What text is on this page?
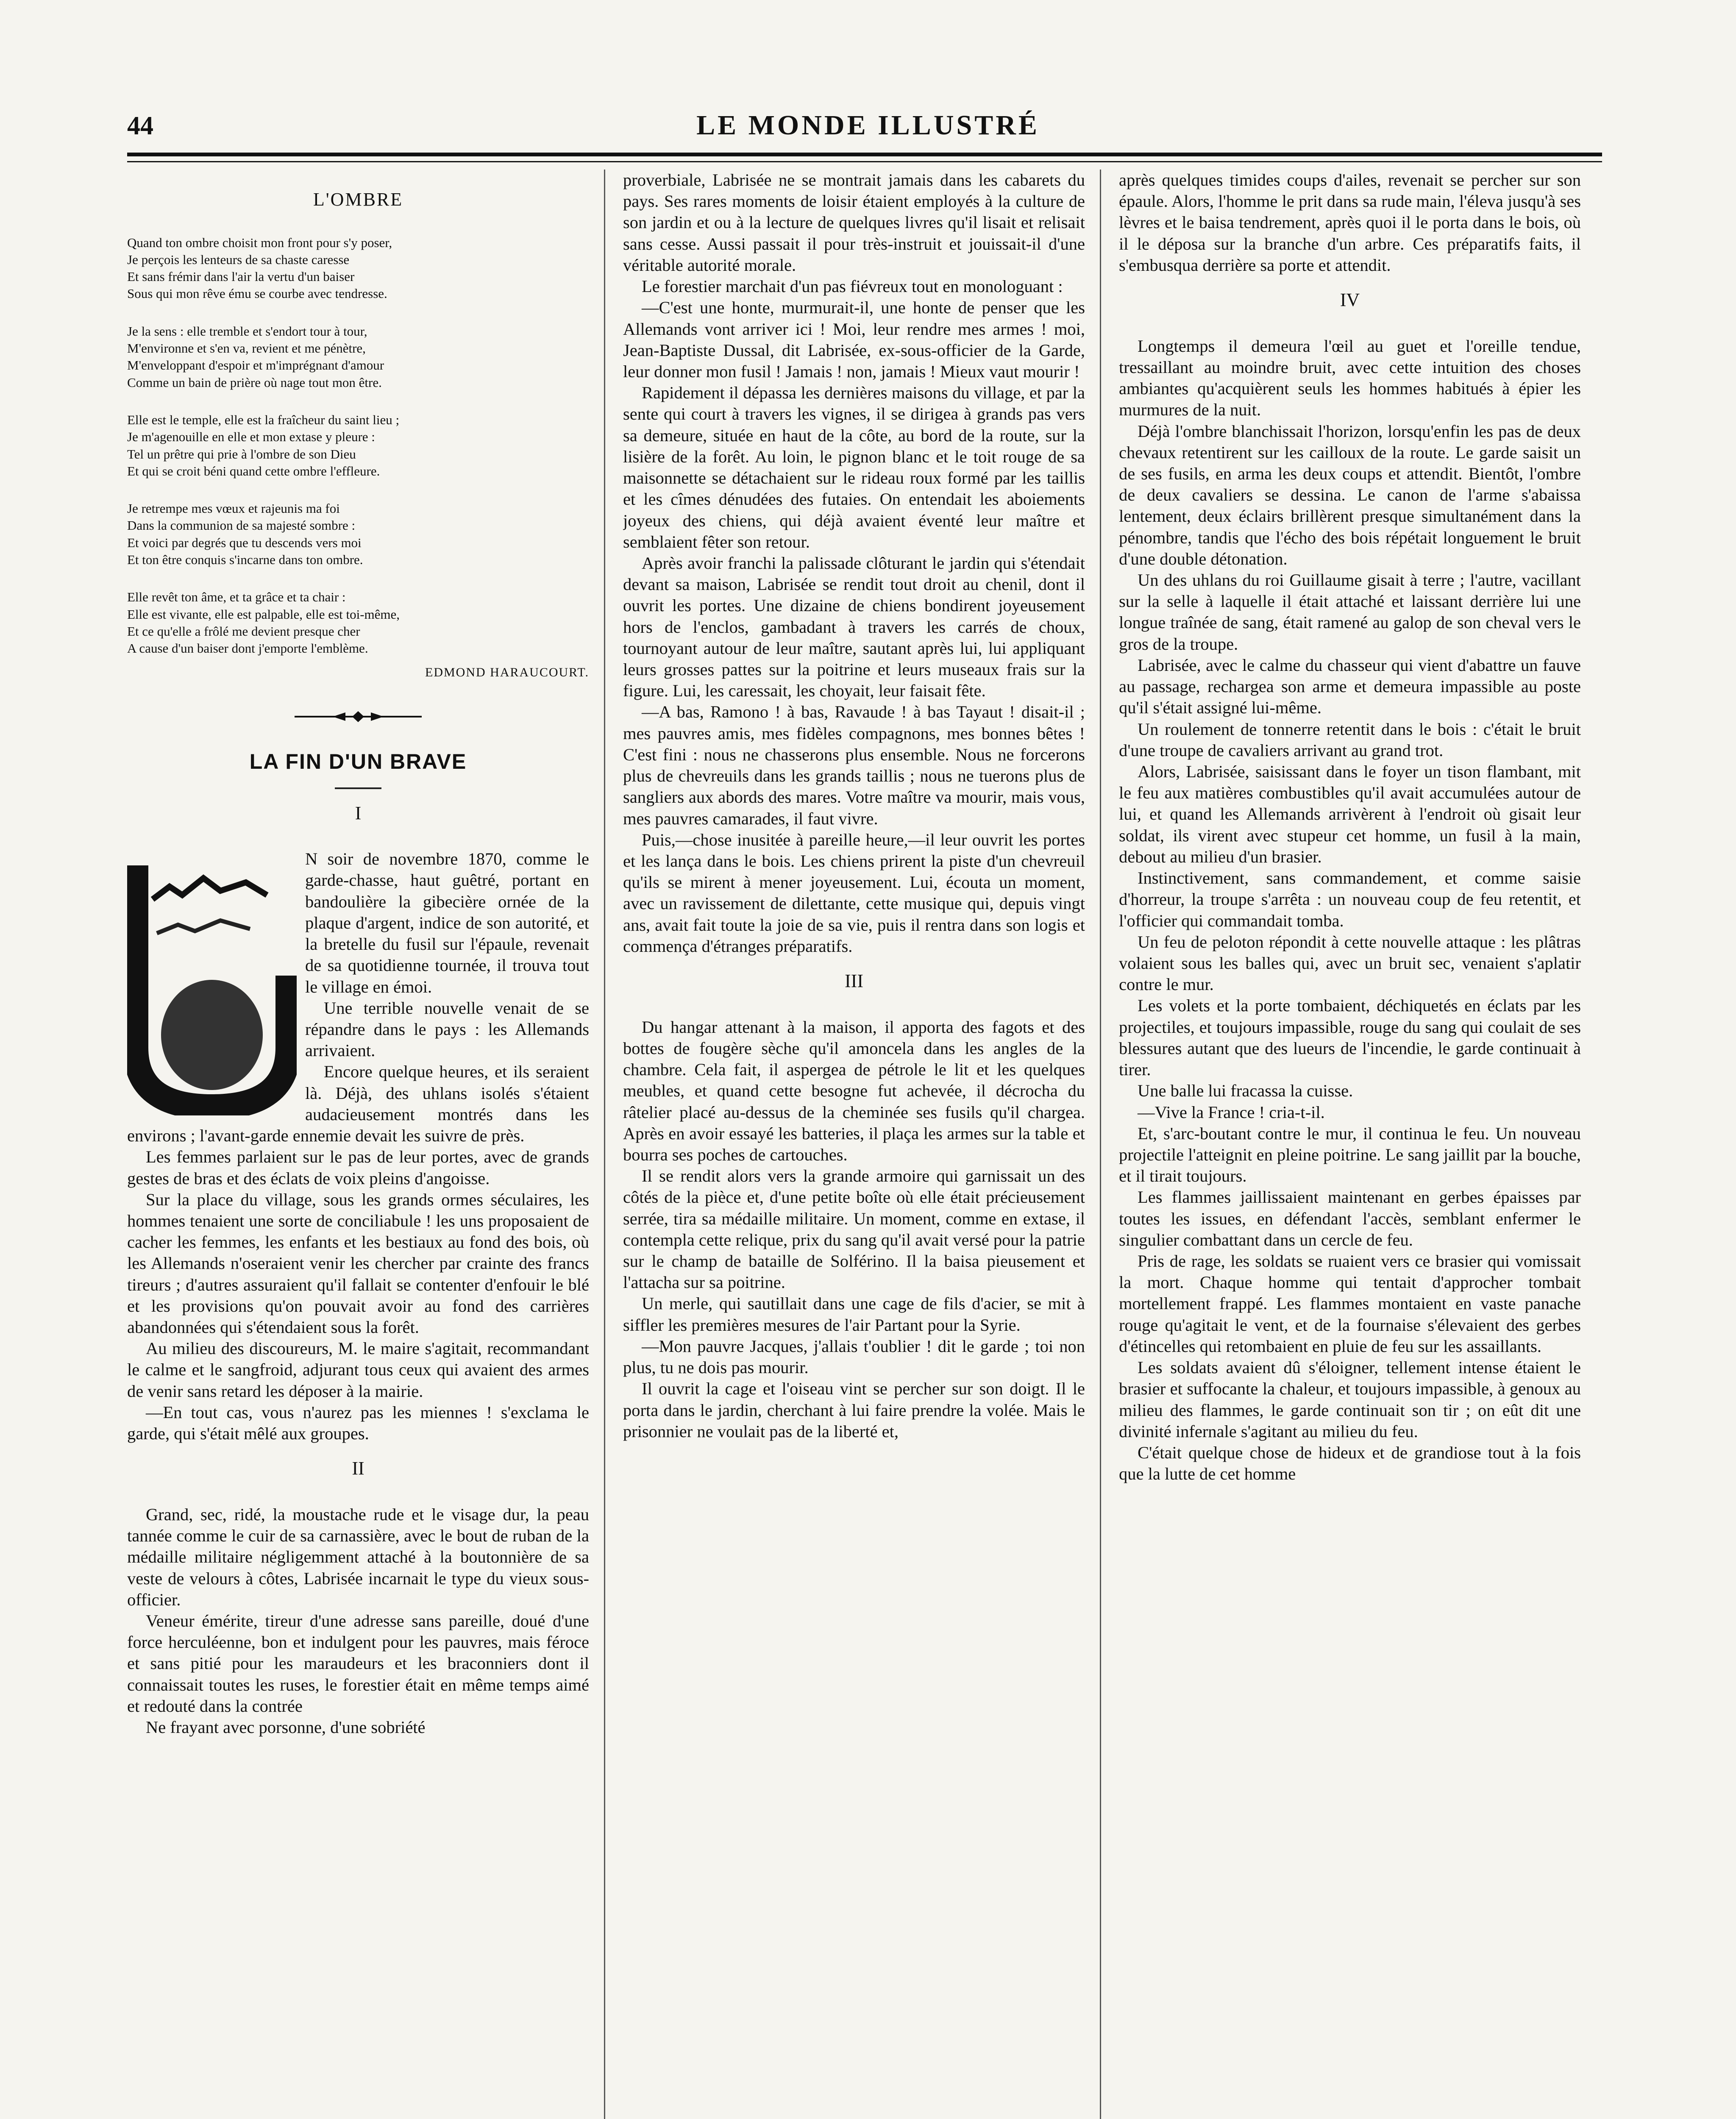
44	LE MONDE ILLUSTRÉ
L'OMBRE
Quand ton ombre choisit mon front pour s'y poser,
Je perçois les lenteurs de sa chaste caresse
Et sans frémir dans l'air la vertu d'un baiser
Sous qui mon rêve ému se courbe avec tendresse.
Je la sens : elle tremble et s'endort tour à tour,
M'environne et s'en va, revient et me pénètre,
M'enveloppant d'espoir et m'imprégnant d'amour
Comme un bain de prière où nage tout mon être.
Elle est le temple, elle est la fraîcheur du saint lieu ;
Je m'agenouille en elle et mon extase y pleure :
Tel un prêtre qui prie à l'ombre de son Dieu
Et qui se croit béni quand cette ombre l'effleure.
Je retrempe mes vœux et rajeunis ma foi
Dans la communion de sa majesté sombre :
Et voici par degrés que tu descends vers moi
Et ton être conquis s'incarne dans ton ombre.
Elle revêt ton âme, et ta grâce et ta chair :
Elle est vivante, elle est palpable, elle est toi-même,
Et ce qu'elle a frôlé me devient presque cher
A cause d'un baiser dont j'emporte l'emblème.
EDMOND HARAUCOURT.
LA FIN D'UN BRAVE
I

N soir de novembre 1870, comme le garde-chasse, haut guêtré, portant en bandoulière la gibecière ornée de la plaque d'argent, indice de son autorité, et la bretelle du fusil sur l'épaule, revenait de sa quotidienne tournée, il trouva tout le village en émoi.

Une terrible nouvelle venait de se répandre dans le pays : les Allemands arrivaient.

Encore quelque heures, et ils seraient là. Déjà, des uhlans isolés s'étaient audacieusement montrés dans les environs ; l'avant-garde ennemie devait les suivre de près.

Les femmes parlaient sur le pas de leur portes, avec de grands gestes de bras et des éclats de voix pleins d'angoisse.

Sur la place du village, sous les grands ormes séculaires, les hommes tenaient une sorte de conciliabule ! les uns proposaient de cacher les femmes, les enfants et les bestiaux au fond des bois, où les Allemands n'oseraient venir les chercher par crainte des francs tireurs ; d'autres assuraient qu'il fallait se contenter d'enfouir le blé et les provisions qu'on pouvait avoir au fond des carrières abandonnées qui s'étendaient sous la forêt.

Au milieu des discoureurs, M. le maire s'agitait, recommandant le calme et le sangfroid, adjurant tous ceux qui avaient des armes de venir sans retard les déposer à la mairie.

—En tout cas, vous n'aurez pas les miennes ! s'exclama le garde, qui s'était mêlé aux groupes.

II

Grand, sec, ridé, la moustache rude et le visage dur, la peau tannée comme le cuir de sa carnassière, avec le bout de ruban de la médaille militaire négligemment attaché à la boutonnière de sa veste de velours à côtes, Labrisée incarnait le type du vieux sous-officier.

Veneur émérite, tireur d'une adresse sans pareille, doué d'une force herculéenne, bon et indulgent pour les pauvres, mais féroce et sans pitié pour les maraudeurs et les braconniers dont il connaissait toutes les ruses, le forestier était en même temps aimé et redouté dans la contrée

Ne frayant avec porsonne, d'une sobriété

proverbiale, Labrisée ne se montrait jamais dans les cabarets du pays. Ses rares moments de loisir étaient employés à la culture de son jardin et ou à la lecture de quelques livres qu'il lisait et relisait sans cesse. Aussi passait il pour très-instruit et jouissait-il d'une véritable autorité morale.

Le forestier marchait d'un pas fiévreux tout en monologuant :

—C'est une honte, murmurait-il, une honte de penser que les Allemands vont arriver ici ! Moi, leur rendre mes armes ! moi, Jean-Baptiste Dussal, dit Labrisée, ex-sous-officier de la Garde, leur donner mon fusil ! Jamais ! non, jamais ! Mieux vaut mourir !

Rapidement il dépassa les dernières maisons du village, et par la sente qui court à travers les vignes, il se dirigea à grands pas vers sa demeure, située en haut de la côte, au bord de la route, sur la lisière de la forêt. Au loin, le pignon blanc et le toit rouge de sa maisonnette se détachaient sur le rideau roux formé par les taillis et les cîmes dénudées des futaies. On entendait les aboiements joyeux des chiens, qui déjà avaient éventé leur maître et semblaient fêter son retour.

Après avoir franchi la palissade clôturant le jardin qui s'étendait devant sa maison, Labrisée se rendit tout droit au chenil, dont il ouvrit les portes. Une dizaine de chiens bondirent joyeusement hors de l'enclos, gambadant à travers les carrés de choux, tournoyant autour de leur maître, sautant après lui, lui appliquant leurs grosses pattes sur la poitrine et leurs museaux frais sur la figure. Lui, les caressait, les choyait, leur faisait fête.

—A bas, Ramono ! à bas, Ravaude ! à bas Tayaut ! disait-il ; mes pauvres amis, mes fidèles compagnons, mes bonnes bêtes ! C'est fini : nous ne chasserons plus ensemble. Nous ne forcerons plus de chevreuils dans les grands taillis ; nous ne tuerons plus de sangliers aux abords des mares. Votre maître va mourir, mais vous, mes pauvres camarades, il faut vivre.

Puis,—chose inusitée à pareille heure,—il leur ouvrit les portes et les lança dans le bois. Les chiens prirent la piste d'un chevreuil qu'ils se mirent à mener joyeusement. Lui, écouta un moment, avec un ravissement de dilettante, cette musique qui, depuis vingt ans, avait fait toute la joie de sa vie, puis il rentra dans son logis et commença d'étranges préparatifs.

III

Du hangar attenant à la maison, il apporta des fagots et des bottes de fougère sèche qu'il amoncela dans les angles de la chambre. Cela fait, il aspergea de pétrole le lit et les quelques meubles, et quand cette besogne fut achevée, il décrocha du râtelier placé au-dessus de la cheminée ses fusils qu'il chargea. Après en avoir essayé les batteries, il plaça les armes sur la table et bourra ses poches de cartouches.

Il se rendit alors vers la grande armoire qui garnissait un des côtés de la pièce et, d'une petite boîte où elle était précieusement serrée, tira sa médaille militaire. Un moment, comme en extase, il contempla cette relique, prix du sang qu'il avait versé pour la patrie sur le champ de bataille de Solférino. Il la baisa pieusement et l'attacha sur sa poitrine.

Un merle, qui sautillait dans une cage de fils d'acier, se mit à siffler les premières mesures de l'air Partant pour la Syrie.

—Mon pauvre Jacques, j'allais t'oublier ! dit le garde ; toi non plus, tu ne dois pas mourir.

Il ouvrit la cage et l'oiseau vint se percher sur son doigt. Il le porta dans le jardin, cherchant à lui faire prendre la volée. Mais le prisonnier ne voulait pas de la liberté et,

après quelques timides coups d'ailes, revenait se percher sur son épaule. Alors, l'homme le prit dans sa rude main, l'éleva jusqu'à ses lèvres et le baisa tendrement, après quoi il le porta dans le bois, où il le déposa sur la branche d'un arbre. Ces préparatifs faits, il s'embusqua derrière sa porte et attendit.

IV

Longtemps il demeura l'œil au guet et l'oreille tendue, tressaillant au moindre bruit, avec cette intuition des choses ambiantes qu'acquièrent seuls les hommes habitués à épier les murmures de la nuit.

Déjà l'ombre blanchissait l'horizon, lorsqu'enfin les pas de deux chevaux retentirent sur les cailloux de la route. Le garde saisit un de ses fusils, en arma les deux coups et attendit. Bientôt, l'ombre de deux cavaliers se dessina. Le canon de l'arme s'abaissa lentement, deux éclairs brillèrent presque simultanément dans la pénombre, tandis que l'écho des bois répétait longuement le bruit d'une double détonation.

Un des uhlans du roi Guillaume gisait à terre ; l'autre, vacillant sur la selle à laquelle il était attaché et laissant derrière lui une longue traînée de sang, était ramené au galop de son cheval vers le gros de la troupe.

Labrisée, avec le calme du chasseur qui vient d'abattre un fauve au passage, rechargea son arme et demeura impassible au poste qu'il s'était assigné lui-même.

Un roulement de tonnerre retentit dans le bois : c'était le bruit d'une troupe de cavaliers arrivant au grand trot.

Alors, Labrisée, saisissant dans le foyer un tison flambant, mit le feu aux matières combustibles qu'il avait accumulées autour de lui, et quand les Allemands arrivèrent à l'endroit où gisait leur soldat, ils virent avec stupeur cet homme, un fusil à la main, debout au milieu d'un brasier.

Instinctivement, sans commandement, et comme saisie d'horreur, la troupe s'arrêta : un nouveau coup de feu retentit, et l'officier qui commandait tomba.

Un feu de peloton répondit à cette nouvelle attaque : les plâtras volaient sous les balles qui, avec un bruit sec, venaient s'aplatir contre le mur.

Les volets et la porte tombaient, déchiquetés en éclats par les projectiles, et toujours impassible, rouge du sang qui coulait de ses blessures autant que des lueurs de l'incendie, le garde continuait à tirer.

Une balle lui fracassa la cuisse.

—Vive la France ! cria-t-il.

Et, s'arc-boutant contre le mur, il continua le feu. Un nouveau projectile l'atteignit en pleine poitrine. Le sang jaillit par la bouche, et il tirait toujours.

Les flammes jaillissaient maintenant en gerbes épaisses par toutes les issues, en défendant l'accès, semblant enfermer le singulier combattant dans un cercle de feu.

Pris de rage, les soldats se ruaient vers ce brasier qui vomissait la mort. Chaque homme qui tentait d'approcher tombait mortellement frappé. Les flammes montaient en vaste panache rouge qu'agitait le vent, et de la fournaise s'élevaient des gerbes d'étincelles qui retombaient en pluie de feu sur les assaillants.

Les soldats avaient dû s'éloigner, tellement intense étaient le brasier et suffocante la chaleur, et toujours impassible, à genoux au milieu des flammes, le garde continuait son tir ; on eût dit une divinité infernale s'agitant au milieu du feu.

C'était quelque chose de hideux et de grandiose tout à la fois que la lutte de cet homme
